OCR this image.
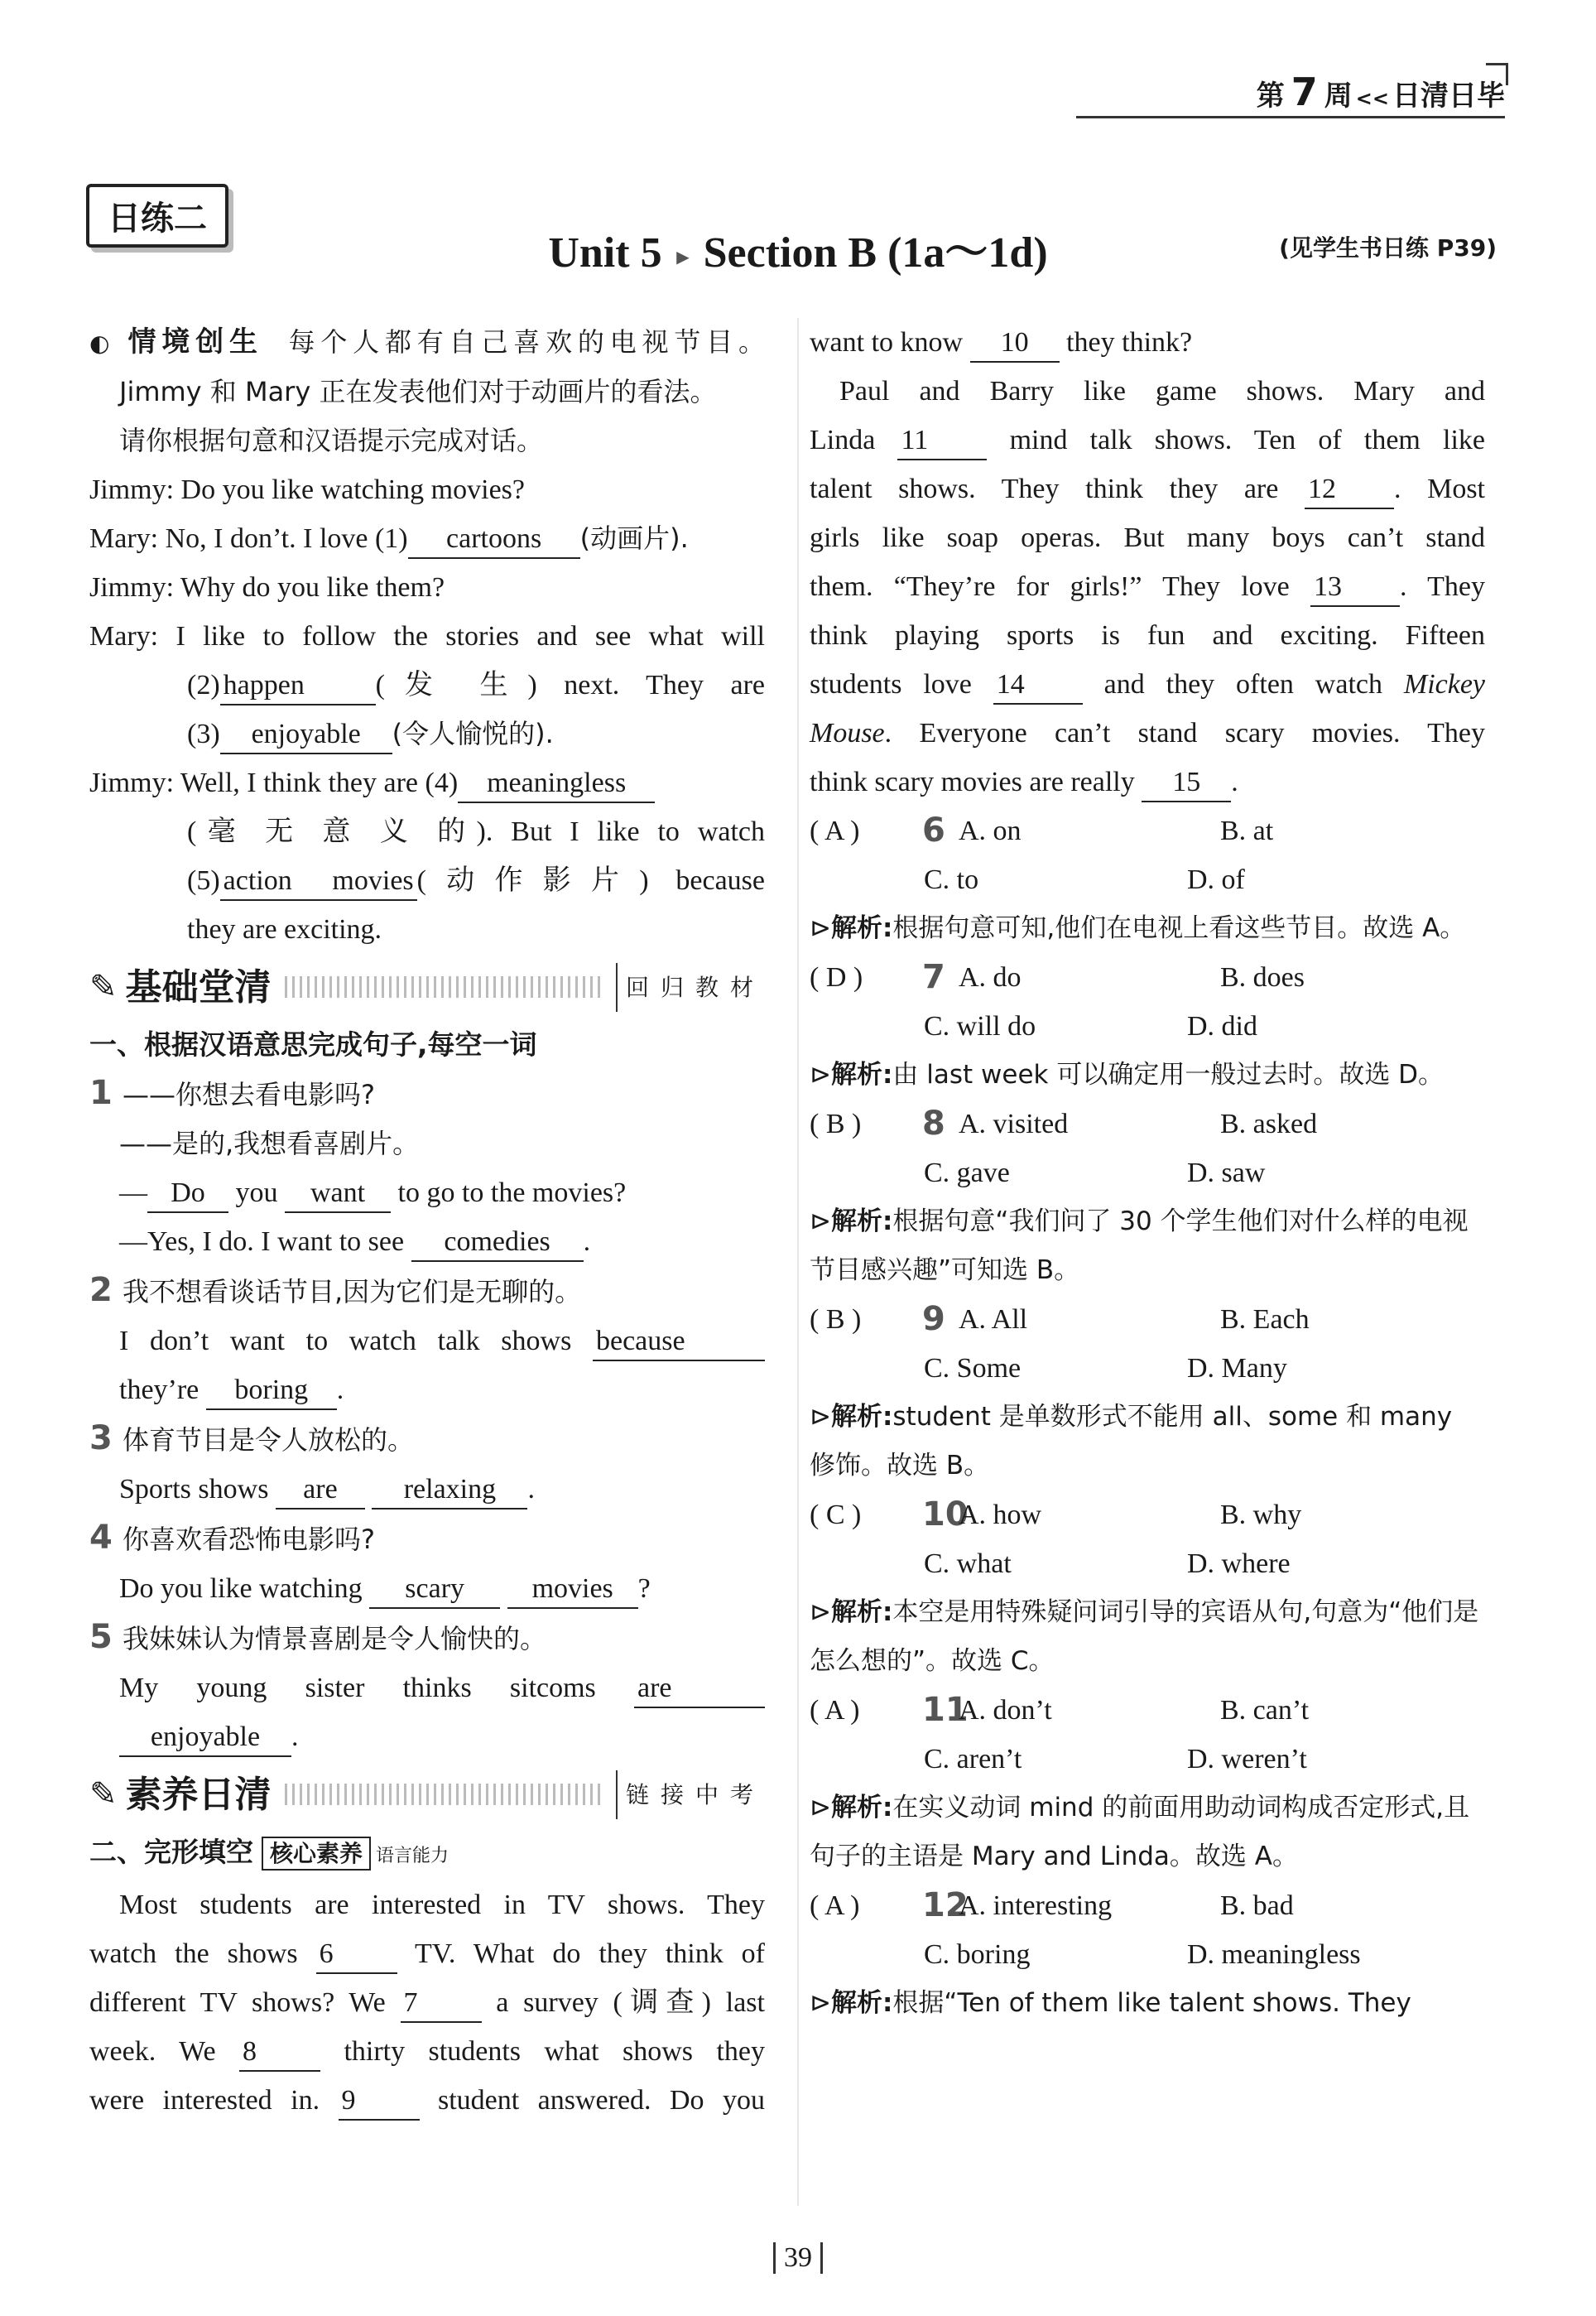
第 7 周 << 日清日毕
日练二
Unit 5 ▸ Section B (1a～1d)	(见学生书日练 P39)

◐ 情境创生 每个人都有自己喜欢的电视节目。

Jimmy 和 Mary 正在发表他们对于动画片的看法。

请你根据句意和汉语提示完成对话。

Jimmy: Do you like watching movies?

Mary: No, I don’t. I love (1) cartoons (动画片).

Jimmy: Why do you like them?

Mary: I like to follow the stories and see what will

(2) happen	(发 生) next. They are

(3) enjoyable (令人愉悦的).

Jimmy: Well, I think they are (4) meaningless

(毫 无 意 义 的). But I like to watch

(5) action movies (动作影片) because

they are exciting.

✎ 基础堂清	回归教材

一、根据汉语意思完成句子,每空一词

1 ——你想去看电影吗?

——是的,我想看喜剧片。

— Do you want to go to the movies?

—Yes, I do. I want to see comedies .

2 我不想看谈话节目,因为它们是无聊的。

I don’t want to watch talk shows because

they’re boring .

3 体育节目是令人放松的。

Sports shows are relaxing .

4 你喜欢看恐怖电影吗?

Do you like watching scary movies ?

5 我妹妹认为情景喜剧是令人愉快的。

My young sister thinks sitcoms are

enjoyable .

✎ 素养日清	链接中考

二、完形填空 核心素养 语言能力

Most students are interested in TV shows. They

watch the shows 6	TV. What do they think of

different TV shows? We 7	a survey (调查) last

week. We 8	thirty students what shows they

were interested in. 9	student answered. Do you

want to know 10 they think?

Paul and Barry like game shows. Mary and

Linda 11	mind talk shows. Ten of them like

talent shows. They think they are 12 . Most

girls like soap operas. But many boys can’t stand

them. “They’re for girls!” They love 13 . They

think playing sports is fun and exciting. Fifteen

students love 14	and they often watch Mickey

Mouse. Everyone can’t stand scary movies. They

think scary movies are really 15 .

( A )	6 A. on	B. at
C. to	D. of

⊳解析:根据句意可知,他们在电视上看这些节目。故选 A。

( D )	7 A. do	B. does
C. will do	D. did

⊳解析:由 last week 可以确定用一般过去时。故选 D。

( B )	8 A. visited	B. asked
C. gave	D. saw

⊳解析:根据句意“我们问了 30 个学生他们对什么样的电视节目感兴趣”可知选 B。

( B )	9 A. All	B. Each
C. Some	D. Many

⊳解析:student 是单数形式不能用 all、some 和 many 修饰。故选 B。

( C )	10
A. how	B. why
C. what	D. where

⊳解析:本空是用特殊疑问词引导的宾语从句,句意为“他们是怎么想的”。故选 C。

( A )	11
A. don’t	B. can’t
C. aren’t	D. weren’t

⊳解析:在实义动词 mind 的前面用助动词构成否定形式,且句子的主语是 Mary and Linda。故选 A。

( A )	12
A. interesting	B. bad
C. boring	D. meaningless

⊳解析:根据“Ten of them like talent shows. They

39
